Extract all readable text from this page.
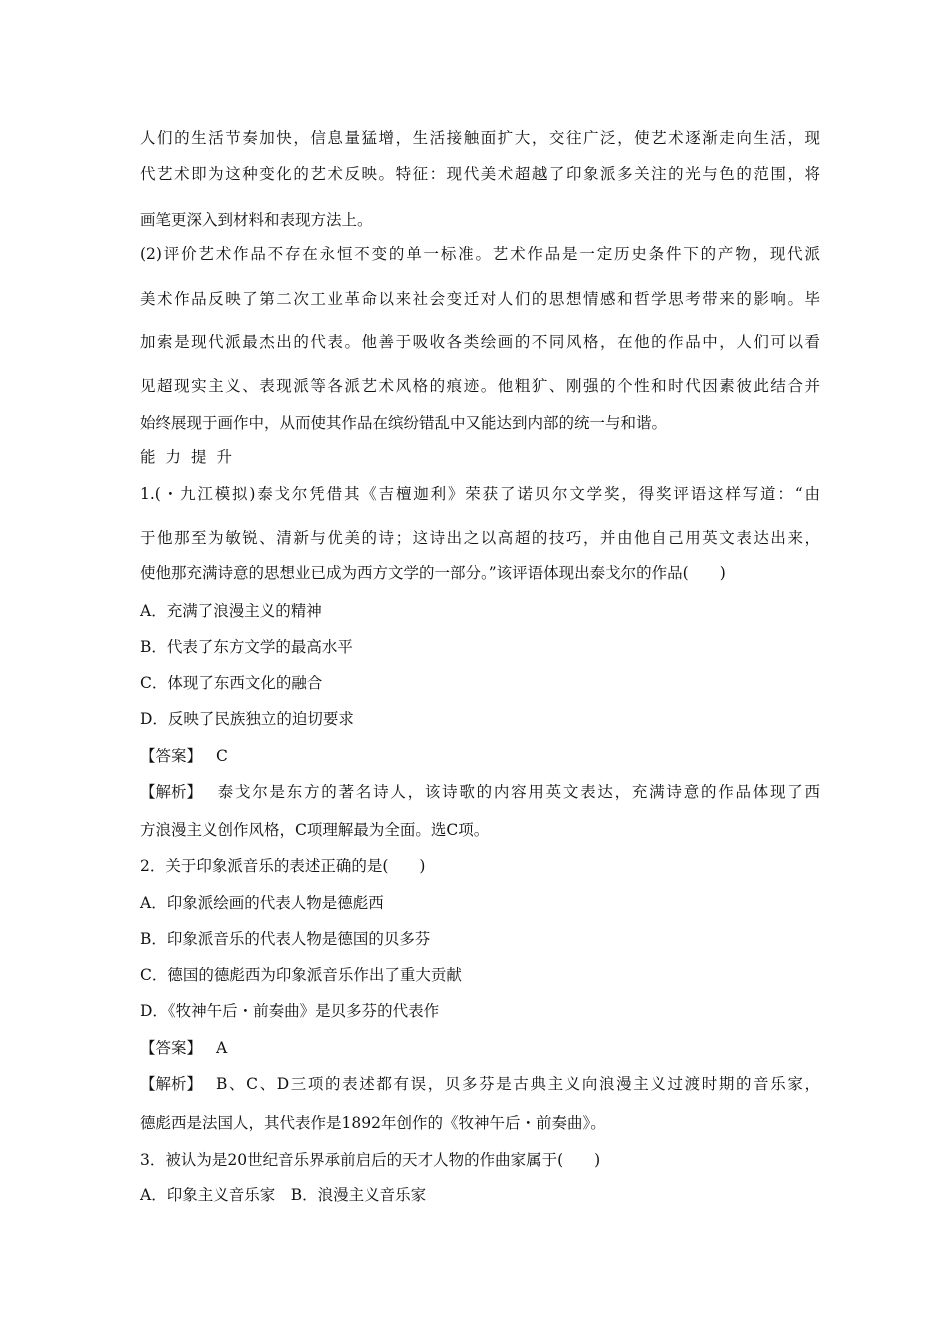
人们的生活节奏加快，信息量猛增，生活接触面扩大，交往广泛，使艺术逐渐走向生活，现
代艺术即为这种变化的艺术反映。特征：现代美术超越了印象派多关注的光与色的范围，将
画笔更深入到材料和表现方法上。
(2)评价艺术作品不存在永恒不变的单一标准。艺术作品是一定历史条件下的产物，现代派
美术作品反映了第二次工业革命以来社会变迁对人们的思想情感和哲学思考带来的影响。毕
加索是现代派最杰出的代表。他善于吸收各类绘画的不同风格，在他的作品中，人们可以看
见超现实主义、表现派等各派艺术风格的痕迹。他粗犷、刚强的个性和时代因素彼此结合并
始终展现于画作中，从而使其作品在缤纷错乱中又能达到内部的统一与和谐。
能力提升
1.(・九江模拟)泰戈尔凭借其《吉檀迦利》荣获了诺贝尔文学奖，得奖评语这样写道：“由
于他那至为敏锐、清新与优美的诗；这诗出之以高超的技巧，并由他自己用英文表达出来，
使他那充满诗意的思想业已成为西方文学的一部分。”该评语体现出泰戈尔的作品(　　)
A．充满了浪漫主义的精神
B．代表了东方文学的最高水平
C．体现了东西文化的融合
D．反映了民族独立的迫切要求
【答案】 C
【解析】 泰戈尔是东方的著名诗人，该诗歌的内容用英文表达，充满诗意的作品体现了西
方浪漫主义创作风格，C项理解最为全面。选C项。
2．关于印象派音乐的表述正确的是(　　)
A．印象派绘画的代表人物是德彪西
B．印象派音乐的代表人物是德国的贝多芬
C．德国的德彪西为印象派音乐作出了重大贡献
D．《牧神午后・前奏曲》是贝多芬的代表作
【答案】 A
【解析】 B、C、D三项的表述都有误，贝多芬是古典主义向浪漫主义过渡时期的音乐家，
德彪西是法国人，其代表作是1892年创作的《牧神午后・前奏曲》。
3．被认为是20世纪音乐界承前启后的天才人物的作曲家属于(　　)
A．印象主义音乐家　B．浪漫主义音乐家
